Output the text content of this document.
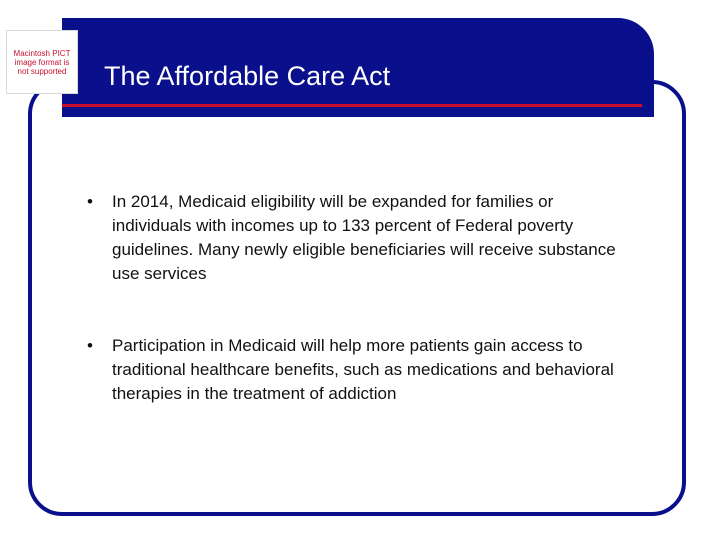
The Affordable Care Act
Macintosh PICT image format is not supported
• In 2014, Medicaid eligibility will be expanded for families or individuals with incomes up to 133 percent of Federal poverty guidelines. Many newly eligible beneficiaries will receive substance use services
• Participation in Medicaid will help more patients gain access to traditional healthcare benefits, such as medications and behavioral therapies in the treatment of addiction
